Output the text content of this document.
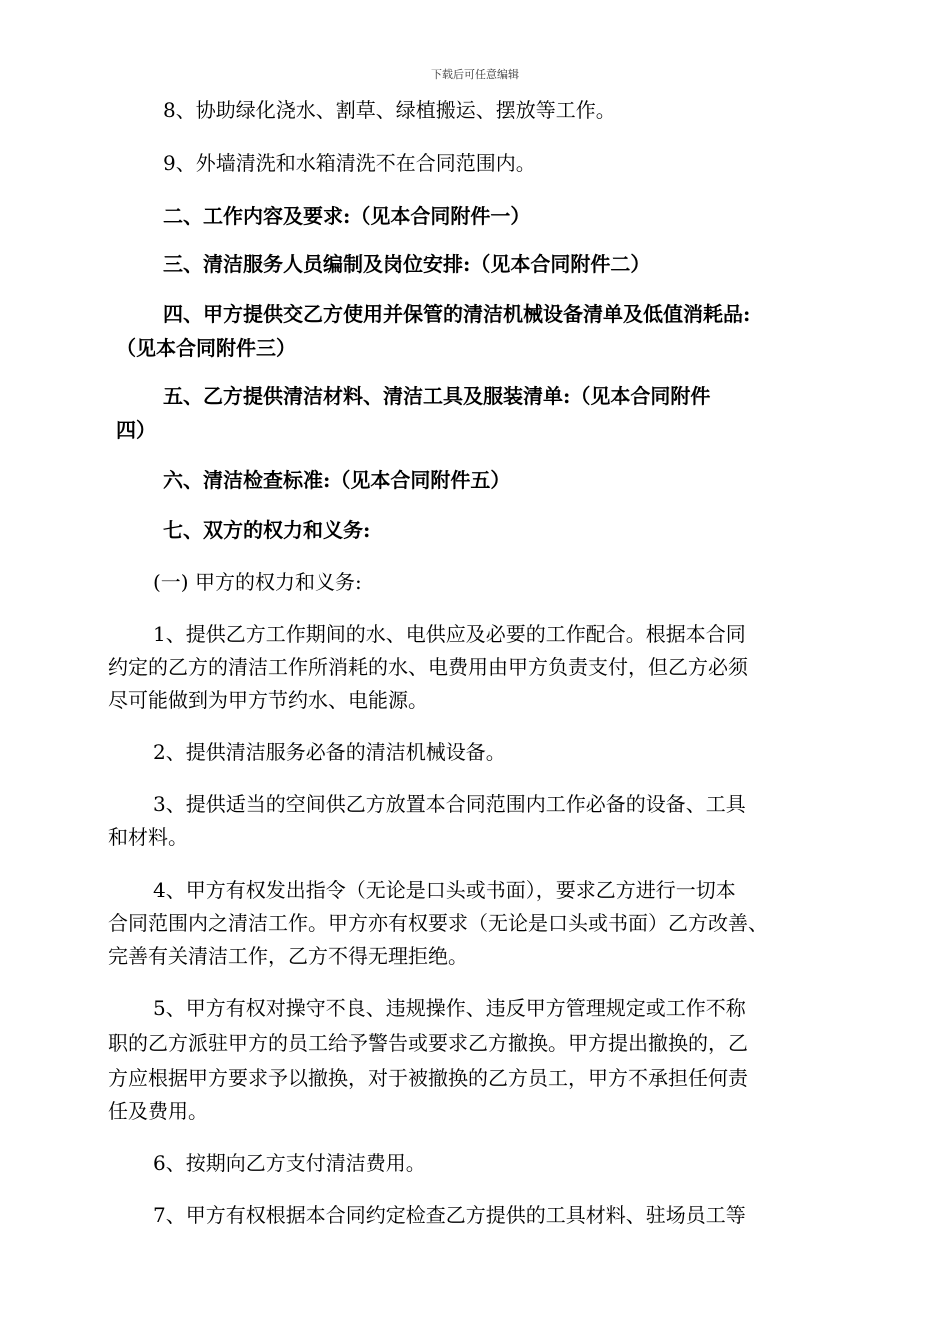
下载后可任意编辑
8、协助绿化浇水、割草、绿植搬运、摆放等工作。
9、外墙清洗和水箱清洗不在合同范围内。
二、工作内容及要求:（见本合同附件一）
三、清洁服务人员编制及岗位安排:（见本合同附件二）
四、甲方提供交乙方使用并保管的清洁机械设备清单及低值消耗品:
（见本合同附件三）
五、乙方提供清洁材料、清洁工具及服装清单:（见本合同附件
四）
六、清洁检查标准:（见本合同附件五）
七、双方的权力和义务:
(一) 甲方的权力和义务:
1、提供乙方工作期间的水、电供应及必要的工作配合。根据本合同
约定的乙方的清洁工作所消耗的水、电费用由甲方负责支付，但乙方必须
尽可能做到为甲方节约水、电能源。
2、提供清洁服务必备的清洁机械设备。
3、提供适当的空间供乙方放置本合同范围内工作必备的设备、工具
和材料。
4、甲方有权发出指令（无论是口头或书面），要求乙方进行一切本
合同范围内之清洁工作。甲方亦有权要求（无论是口头或书面）乙方改善、
完善有关清洁工作，乙方不得无理拒绝。
5、甲方有权对操守不良、违规操作、违反甲方管理规定或工作不称
职的乙方派驻甲方的员工给予警告或要求乙方撤换。甲方提出撤换的，乙
方应根据甲方要求予以撤换，对于被撤换的乙方员工，甲方不承担任何责
任及费用。
6、按期向乙方支付清洁费用。
7、甲方有权根据本合同约定检查乙方提供的工具材料、驻场员工等
